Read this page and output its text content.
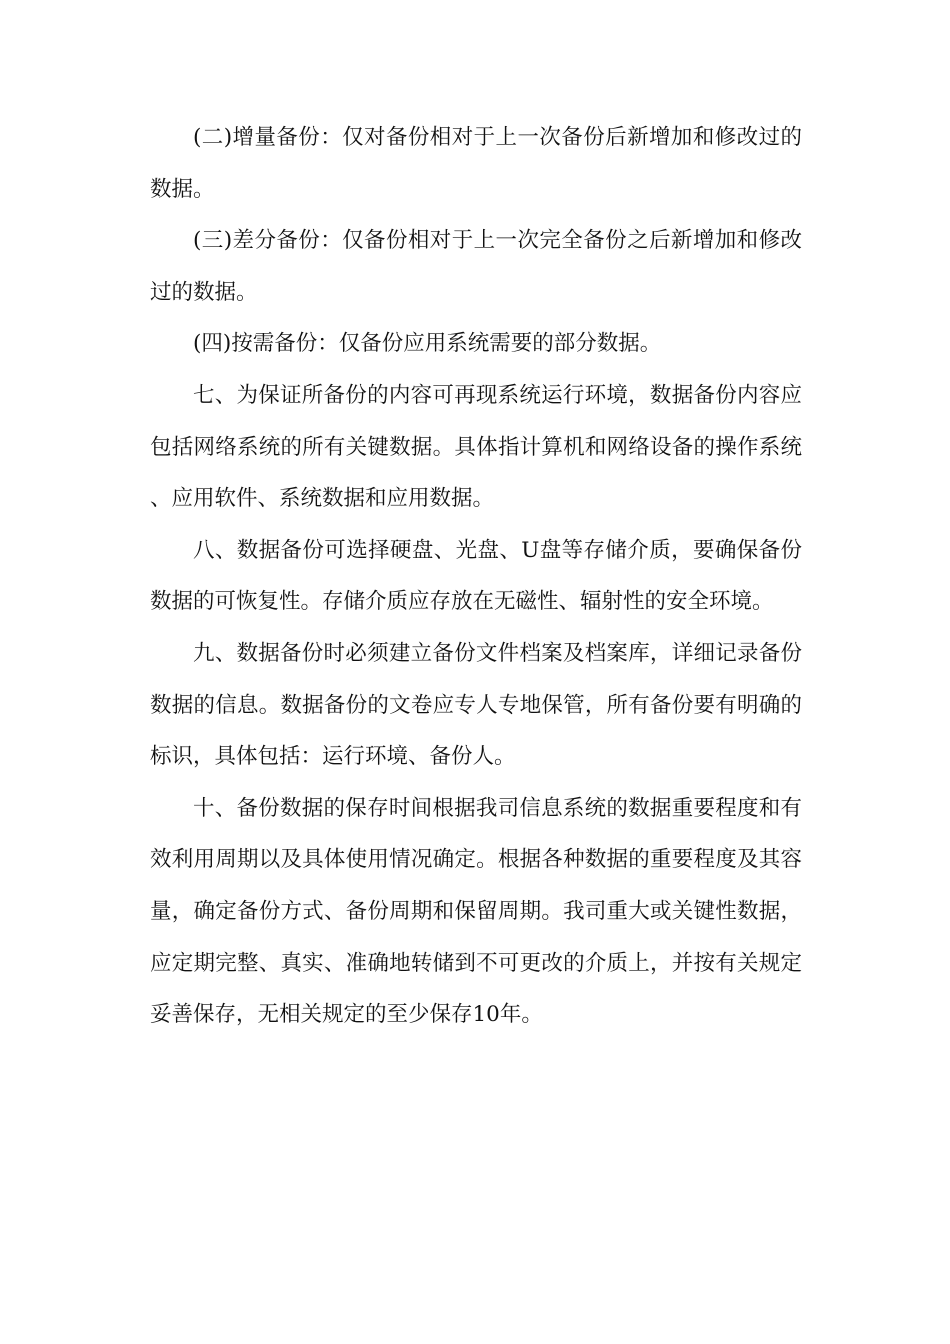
(二)增量备份：仅对备份相对于上一次备份后新增加和修改过的数据。

(三)差分备份：仅备份相对于上一次完全备份之后新增加和修改过的数据。

(四)按需备份：仅备份应用系统需要的部分数据。

七、为保证所备份的内容可再现系统运行环境，数据备份内容应包括网络系统的所有关键数据。具体指计算机和网络设备的操作系统、应用软件、系统数据和应用数据。

八、数据备份可选择硬盘、光盘、U盘等存储介质，要确保备份数据的可恢复性。存储介质应存放在无磁性、辐射性的安全环境。

九、数据备份时必须建立备份文件档案及档案库，详细记录备份数据的信息。数据备份的文卷应专人专地保管，所有备份要有明确的标识，具体包括：运行环境、备份人。

十、备份数据的保存时间根据我司信息系统的数据重要程度和有效利用周期以及具体使用情况确定。根据各种数据的重要程度及其容量，确定备份方式、备份周期和保留周期。我司重大或关键性数据，应定期完整、真实、准确地转储到不可更改的介质上，并按有关规定妥善保存，无相关规定的至少保存10年。
